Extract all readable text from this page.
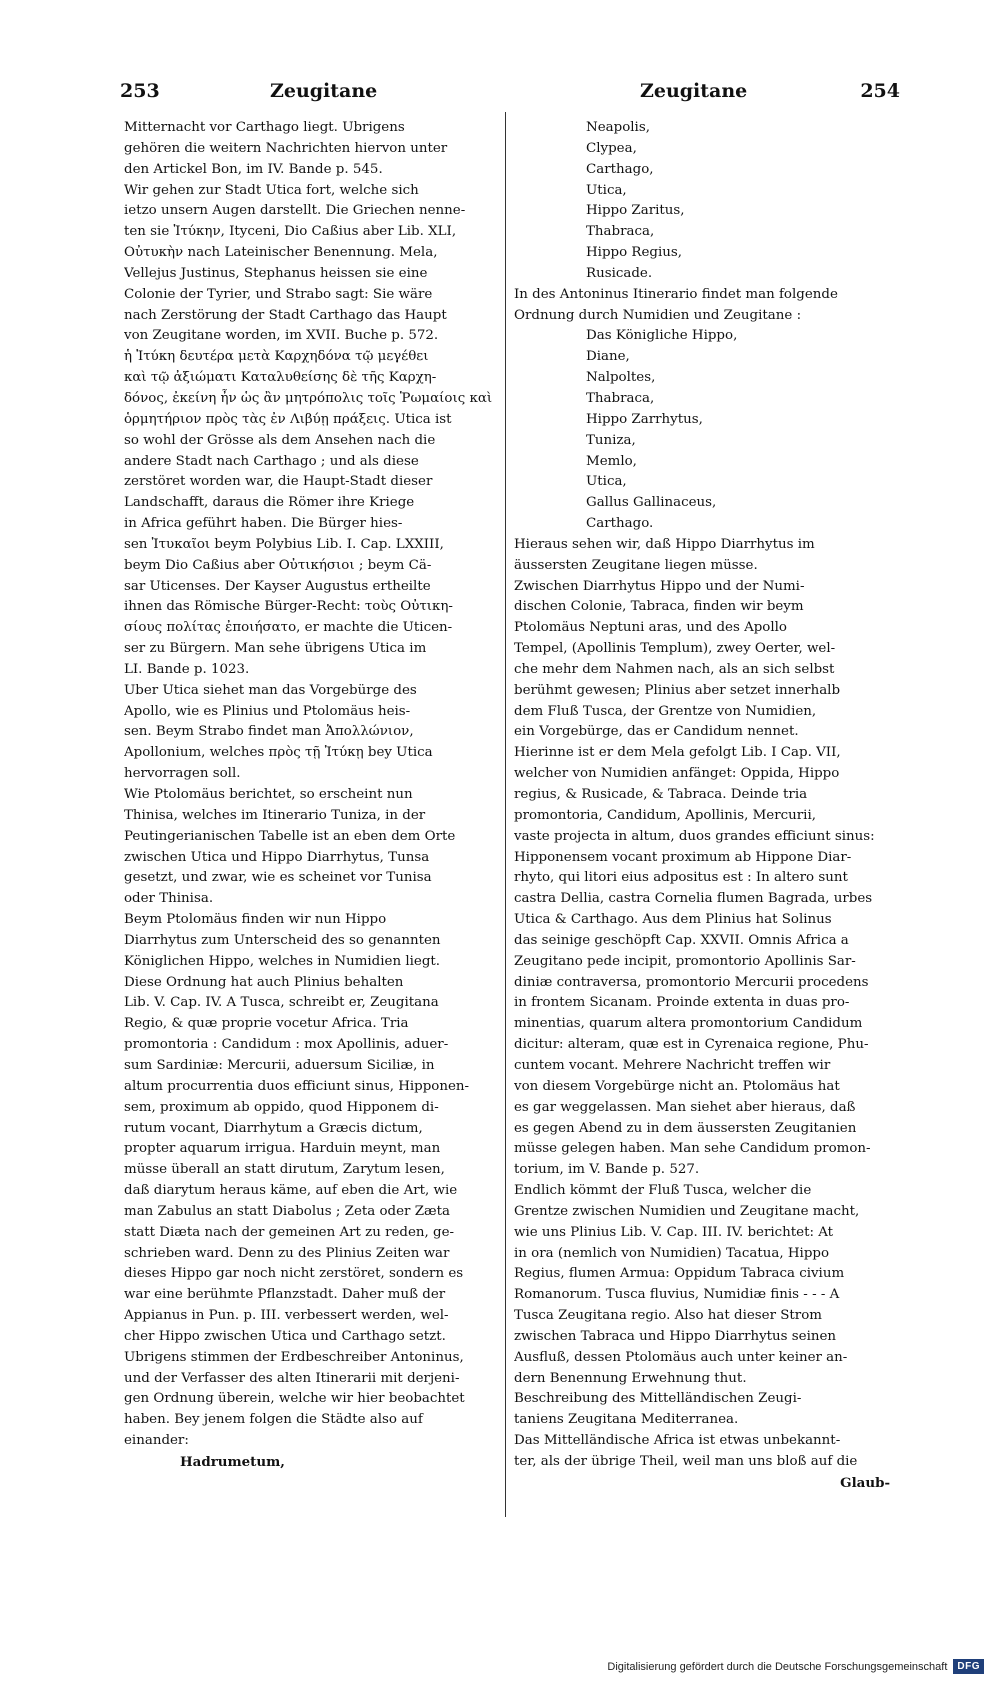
253	Zeugitane	Zeugitane	254
Mitternacht vor Carthago liegt. Ubrigens
gehören die weitern Nachrichten hiervon unter
den Artickel Bon, im IV. Bande p. 545.
Wir gehen zur Stadt Utica fort, welche sich
ietzo unsern Augen darstellt. Die Griechen nenne-
ten sie Ἰτύκην, Ityceni, Dio Caßius aber Lib. XLI,
Οὐτυκὴν nach Lateinischer Benennung. Mela,
Vellejus Justinus, Stephanus heissen sie eine
Colonie der Tyrier, und Strabo sagt: Sie wäre
nach Zerstörung der Stadt Carthago das Haupt
von Zeugitane worden, im XVII. Buche p. 572.
ἡ Ἰτύκη δευτέρα μετὰ Καρχηδόνα τῷ μεγέθει
καὶ τῷ ἀξιώματι Καταλυθείσης δὲ τῆς Καρχη-
δόνος, ἐκείνη ἦν ὡς ἂν μητρόπολις τοῖς Ῥωμαίοις καὶ
ὁρμητήριον πρὸς τὰς ἐν Λιβύῃ πράξεις. Utica ist
so wohl der Grösse als dem Ansehen nach die
andere Stadt nach Carthago ; und als diese
zerstöret worden war, die Haupt-Stadt dieser
Landschafft, daraus die Römer ihre Kriege
in Africa geführt haben. Die Bürger hies-
sen Ἰτυκαῖοι beym Polybius Lib. I. Cap. LXXIII,
beym Dio Caßius aber Οὐτικήσιοι ; beym Cä-
sar Uticenses. Der Kayser Augustus ertheilte
ihnen das Römische Bürger-Recht: τοὺς Οὐτικη-
σίους πολίτας ἐποιήσατο, er machte die Uticen-
ser zu Bürgern. Man sehe übrigens Utica im
LI. Bande p. 1023.
Uber Utica siehet man das Vorgebürge des
Apollo, wie es Plinius und Ptolomäus heis-
sen. Beym Strabo findet man Ἀπολλώνιον,
Apollonium, welches πρὸς τῇ Ἰτύκῃ bey Utica
hervorragen soll.
Wie Ptolomäus berichtet, so erscheint nun
Thinisa, welches im Itinerario Tuniza, in der
Peutingerianischen Tabelle ist an eben dem Orte
zwischen Utica und Hippo Diarrhytus, Tunsa
gesetzt, und zwar, wie es scheinet vor Tunisa
oder Thinisa.
Beym Ptolomäus finden wir nun Hippo
Diarrhytus zum Unterscheid des so genannten
Königlichen Hippo, welches in Numidien liegt.
Diese Ordnung hat auch Plinius behalten
Lib. V. Cap. IV. A Tusca, schreibt er, Zeugitana
Regio, & quæ proprie vocetur Africa. Tria
promontoria : Candidum : mox Apollinis, aduer-
sum Sardiniæ: Mercurii, aduersum Siciliæ, in
altum procurrentia duos efficiunt sinus, Hipponen-
sem, proximum ab oppido, quod Hipponem di-
rutum vocant, Diarrhytum a Græcis dictum,
propter aquarum irrigua. Harduin meynt, man
müsse überall an statt dirutum, Zarytum lesen,
daß diarytum heraus käme, auf eben die Art, wie
man Zabulus an statt Diabolus ; Zeta oder Zæta
statt Diæta nach der gemeinen Art zu reden, ge-
schrieben ward. Denn zu des Plinius Zeiten war
dieses Hippo gar noch nicht zerstöret, sondern es
war eine berühmte Pflanzstadt. Daher muß der
Appianus in Pun. p. III. verbessert werden, wel-
cher Hippo zwischen Utica und Carthago setzt.
Ubrigens stimmen der Erdbeschreiber Antoninus,
und der Verfasser des alten Itinerarii mit derjeni-
gen Ordnung überein, welche wir hier beobachtet
haben. Bey jenem folgen die Städte also auf
einander:
Hadrumetum,
Neapolis,
Clypea,
Carthago,
Utica,
Hippo Zaritus,
Thabraca,
Hippo Regius,
Rusicade.
In des Antoninus Itinerario findet man folgende
Ordnung durch Numidien und Zeugitane :
Das Königliche Hippo,
Diane,
Nalpoltes,
Thabraca,
Hippo Zarrhytus,
Tuniza,
Memlo,
Utica,
Gallus Gallinaceus,
Carthago.
Hieraus sehen wir, daß Hippo Diarrhytus im
äussersten Zeugitane liegen müsse.
Zwischen Diarrhytus Hippo und der Numi-
dischen Colonie, Tabraca, finden wir beym
Ptolomäus Neptuni aras, und des Apollo
Tempel, (Apollinis Templum), zwey Oerter, wel-
che mehr dem Nahmen nach, als an sich selbst
berühmt gewesen; Plinius aber setzet innerhalb
dem Fluß Tusca, der Grentze von Numidien,
ein Vorgebürge, das er Candidum nennet.
Hierinne ist er dem Mela gefolgt Lib. I Cap. VII,
welcher von Numidien anfänget: Oppida, Hippo
regius, & Rusicade, & Tabraca. Deinde tria
promontoria, Candidum, Apollinis, Mercurii,
vaste projecta in altum, duos grandes efficiunt sinus:
Hipponensem vocant proximum ab Hippone Diar-
rhyto, qui litori eius adpositus est : In altero sunt
castra Dellia, castra Cornelia flumen Bagrada, urbes
Utica & Carthago. Aus dem Plinius hat Solinus
das seinige geschöpft Cap. XXVII. Omnis Africa a
Zeugitano pede incipit, promontorio Apollinis Sar-
diniæ contraversa, promontorio Mercurii procedens
in frontem Sicanam. Proinde extenta in duas pro-
minentias, quarum altera promontorium Candidum
dicitur: alteram, quæ est in Cyrenaica regione, Phu-
cuntem vocant. Mehrere Nachricht treffen wir
von diesem Vorgebürge nicht an. Ptolomäus hat
es gar weggelassen. Man siehet aber hieraus, daß
es gegen Abend zu in dem äussersten Zeugitanien
müsse gelegen haben. Man sehe Candidum promon-
torium, im V. Bande p. 527.
Endlich kömmt der Fluß Tusca, welcher die
Grentze zwischen Numidien und Zeugitane macht,
wie uns Plinius Lib. V. Cap. III. IV. berichtet: At
in ora (nemlich von Numidien) Tacatua, Hippo
Regius, flumen Armua: Oppidum Tabraca civium
Romanorum. Tusca fluvius, Numidiæ finis - - - A
Tusca Zeugitana regio. Also hat dieser Strom
zwischen Tabraca und Hippo Diarrhytus seinen
Ausfluß, dessen Ptolomäus auch unter keiner an-
dern Benennung Erwehnung thut.
Beschreibung des Mittelländischen Zeugi-
taniens Zeugitana Mediterranea.
Das Mittelländische Africa ist etwas unbekannt-
ter, als der übrige Theil, weil man uns bloß auf die
Glaub-
Digitalisierung gefördert durch die Deutsche Forschungsgemeinschaft	DFG
